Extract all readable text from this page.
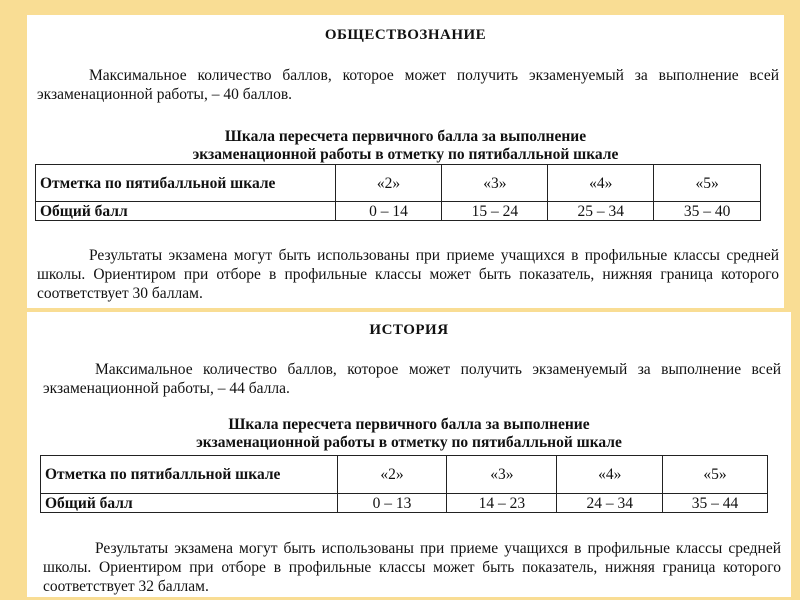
ОБЩЕСТВОЗНАНИЕ

Максимальное количество баллов, которое может получить экзаменуемый за выполнение всей экзаменационной работы, – 40 баллов.

Шкала пересчета первичного балла за выполнение
экзаменационной работы в отметку по пятибалльной шкале

Отметка по пятибалльной шкале	«2»	«3»	«4»	«5»
Общий балл	0 – 14	15 – 24	25 – 34	35 – 40

Результаты экзамена могут быть использованы при приеме учащихся в профильные классы средней школы. Ориентиром при отборе в профильные классы может быть показатель, нижняя граница которого соответствует 30 баллам.

ИСТОРИЯ

Максимальное количество баллов, которое может получить экзаменуемый за выполнение всей экзаменационной работы, – 44 балла.

Шкала пересчета первичного балла за выполнение
экзаменационной работы в отметку по пятибалльной шкале

Отметка по пятибалльной шкале	«2»	«3»	«4»	«5»
Общий балл	0 – 13	14 – 23	24 – 34	35 – 44

Результаты экзамена могут быть использованы при приеме учащихся в профильные классы средней школы. Ориентиром при отборе в профильные классы может быть показатель, нижняя граница которого соответствует 32 баллам.
